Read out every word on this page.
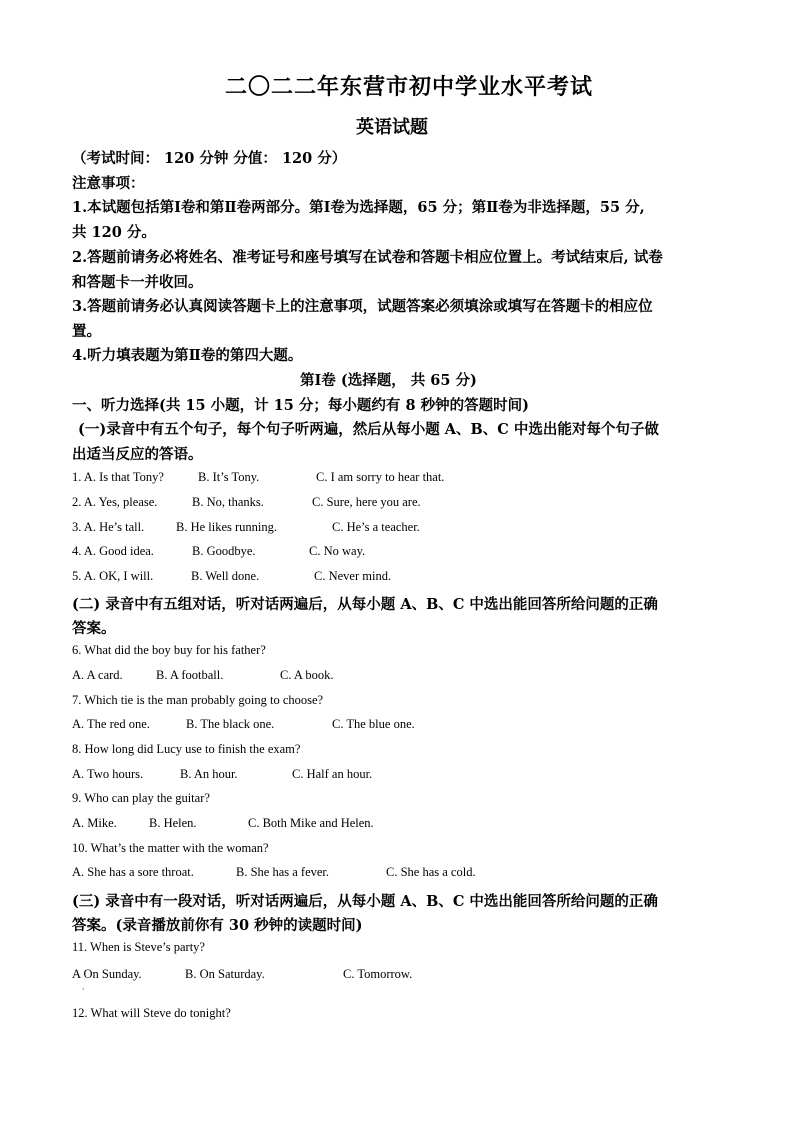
二〇二二年东营市初中学业水平考试
英语试题
（考试时间： 120 分钟 分值： 120 分）
注意事项：
1.本试题包括第Ⅰ卷和第Ⅱ卷两部分。第Ⅰ卷为选择题，65 分；第Ⅱ卷为非选择题，55 分,
共 120 分。
2.答题前请务必将姓名、准考证号和座号填写在试卷和答题卡相应位置上。考试结束后, 试卷
和答题卡一并收回。
3.答题前请务必认真阅读答题卡上的注意事项，试题答案必须填涂或填写在答题卡的相应位
置。
4.听力填表题为第Ⅱ卷的第四大题。
第Ⅰ卷 (选择题， 共 65 分)
一、听力选择(共 15 小题，计 15 分；每小题约有 8 秒钟的答题时间)
(一)录音中有五个句子，每个句子听两遍，然后从每小题 A、B、C 中选出能对每个句子做
出适当反应的答语。
1. A. Is that Tony?	B. It’s Tony.	C. I am sorry to hear that.
2. A. Yes, please.	B. No, thanks.	C. Sure, here you are.
3. A. He’s tall.	B. He likes running.	C. He’s a teacher.
4. A. Good idea.	B. Goodbye.	C. No way.
5. A. OK, I will.	B. Well done.	C. Never mind.
(二) 录音中有五组对话，听对话两遍后，从每小题 A、B、C 中选出能回答所给问题的正确
答案。
6. What did the boy buy for his father?
A. A card.	B. A football.	C. A book.
7. Which tie is the man probably going to choose?
A. The red one.	B. The black one.	C. The blue one.
8. How long did Lucy use to finish the exam?
A. Two hours.	B. An hour.	C. Half an hour.
9. Who can play the guitar?
A. Mike.	B. Helen.	C. Both Mike and Helen.
10. What’s the matter with the woman?
A. She has a sore throat.	B. She has a fever.	C. She has a cold.
(三) 录音中有一段对话，听对话两遍后，从每小题 A、B、C 中选出能回答所给问题的正确
答案。(录音播放前你有 30 秒钟的读题时间)
11. When is Steve’s party?
A On Sunday.	B. On Saturday.	C. Tomorrow.
·
12. What will Steve do tonight?
